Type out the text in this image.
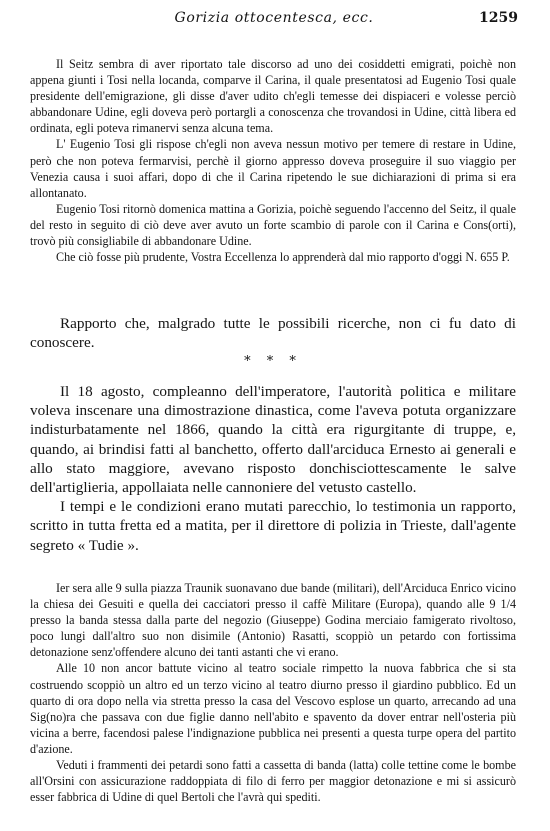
Gorizia ottocentesca, ecc.	1259

Il Seitz sembra di aver riportato tale discorso ad uno dei cosiddetti emigrati, poichè non appena giunti i Tosi nella locanda, comparve il Carina, il quale presentatosi ad Eugenio Tosi quale presidente dell'emigrazione, gli disse d'aver udito ch'egli temesse dei dispiaceri e volesse perciò abbandonare Udine, egli doveva però portargli a conoscenza che trovandosi in Udine, città libera ed ordinata, egli poteva rimanervi senza alcuna tema.

L' Eugenio Tosi gli rispose ch'egli non aveva nessun motivo per temere di restare in Udine, però che non poteva fermarvisi, perchè il giorno appresso doveva proseguire il suo viaggio per Venezia causa i suoi affari, dopo di che il Carina ripetendo le sue dichiarazioni di prima si era allontanato.

Eugenio Tosi ritornò domenica mattina a Gorizia, poichè seguendo l'accenno del Seitz, il quale del resto in seguito di ciò deve aver avuto un forte scambio di parole con il Carina e Cons(orti), trovò più consigliabile di abbandonare Udine.

Che ciò fosse più prudente, Vostra Eccellenza lo apprenderà dal mio rapporto d'oggi N. 655 P.

Rapporto che, malgrado tutte le possibili ricerche, non ci fu dato di conoscere.

* * *

Il 18 agosto, compleanno dell'imperatore, l'autorità politica e militare voleva inscenare una dimostrazione dinastica, come l'aveva potuta organizzare indisturbatamente nel 1866, quando la città era rigurgitante di truppe, e, quando, ai brindisi fatti al banchetto, offerto dall'arciduca Ernesto ai generali e allo stato maggiore, avevano risposto donchisciottescamente le salve dell'artiglieria, appollaiata nelle cannoniere del vetusto castello.

I tempi e le condizioni erano mutati parecchio, lo testimonia un rapporto, scritto in tutta fretta ed a matita, per il direttore di polizia in Trieste, dall'agente segreto « Tudie ».

Ier sera alle 9 sulla piazza Traunik suonavano due bande (militari), dell'Arciduca Enrico vicino la chiesa dei Gesuiti e quella dei cacciatori presso il caffè Militare (Europa), quando alle 9 1/4 presso la banda stessa dalla parte del negozio (Giuseppe) Godina merciaio famigerato rivoltoso, poco lungi dall'altro suo non disimile (Antonio) Rasatti, scoppiò un petardo con fortissima detonazione senz'offendere alcuno dei tanti astanti che vi erano.

Alle 10 non ancor battute vicino al teatro sociale rimpetto la nuova fabbrica che si sta costruendo scoppiò un altro ed un terzo vicino al teatro diurno presso il giardino pubblico. Ed un quarto di ora dopo nella via stretta presso la casa del Vescovo esplose un quarto, arrecando ad una Sig(no)ra che passava con due figlie danno nell'abito e spavento da dover entrar nell'osteria più vicina a berre, facendosi palese l'indignazione pubblica nei presenti a questa turpe opera del partito d'azione.

Veduti i frammenti dei petardi sono fatti a cassetta di banda (latta) colle tettine come le bombe all'Orsini con assicurazione raddoppiata di filo di ferro per maggior detonazione e mi si assicurò esser fabbrica di Udine di quel Bertoli che l'avrà qui spediti.
